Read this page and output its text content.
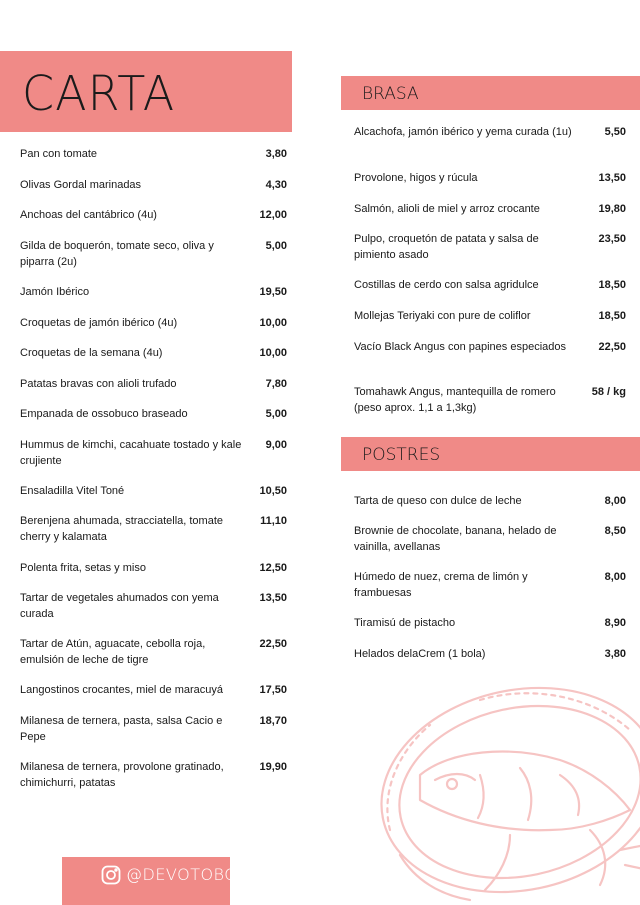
CARTA	BRASA
POSTRES
Pan con tomate	3,80
Olivas Gordal marinadas	4,30
Anchoas del cantábrico (4u)	12,00
Gilda de boquerón, tomate seco, oliva y piparra (2u)
5,00
Jamón Ibérico	19,50
Croquetas de jamón ibérico (4u)	10,00
Croquetas de la semana (4u)	10,00
Patatas bravas con alioli trufado	7,80
Empanada de ossobuco braseado	5,00
Hummus de kimchi, cacahuate tostado y kale crujiente
9,00
Ensaladilla Vitel Toné	10,50
Berenjena ahumada, stracciatella, tomate cherry y kalamata
11,10
Polenta frita, setas y miso	12,50
Tartar de vegetales ahumados con yema curada
13,50
Tartar de Atún, aguacate, cebolla roja, emulsión de leche de tigre
22,50
Langostinos crocantes, miel de maracuyá	17,50
Milanesa de ternera, pasta, salsa Cacio e Pepe
18,70
Milanesa de ternera, provolone gratinado, chimichurri, patatas
19,90
Alcachofa, jamón ibérico y yema curada (1u)	5,50
Provolone, higos y rúcula	13,50
Salmón, alioli de miel y arroz crocante	19,80
Pulpo, croquetón de patata y salsa de pimiento asado
23,50
Costillas de cerdo con salsa agridulce	18,50
Mollejas Teriyaki con pure de coliflor	18,50
Vacío Black Angus con papines especiados	22,50
Tomahawk Angus, mantequilla de romero (peso aprox. 1,1 a 1,3kg)
58 / kg
Tarta de queso con dulce de leche	8,00
Brownie de chocolate, banana, helado de vainilla, avellanas
8,50
Húmedo de nuez, crema de limón y frambuesas
8,00
Tiramisú de pistacho	8,90
Helados delaCrem (1 bola)	3,80
@DEVOTOBCN
